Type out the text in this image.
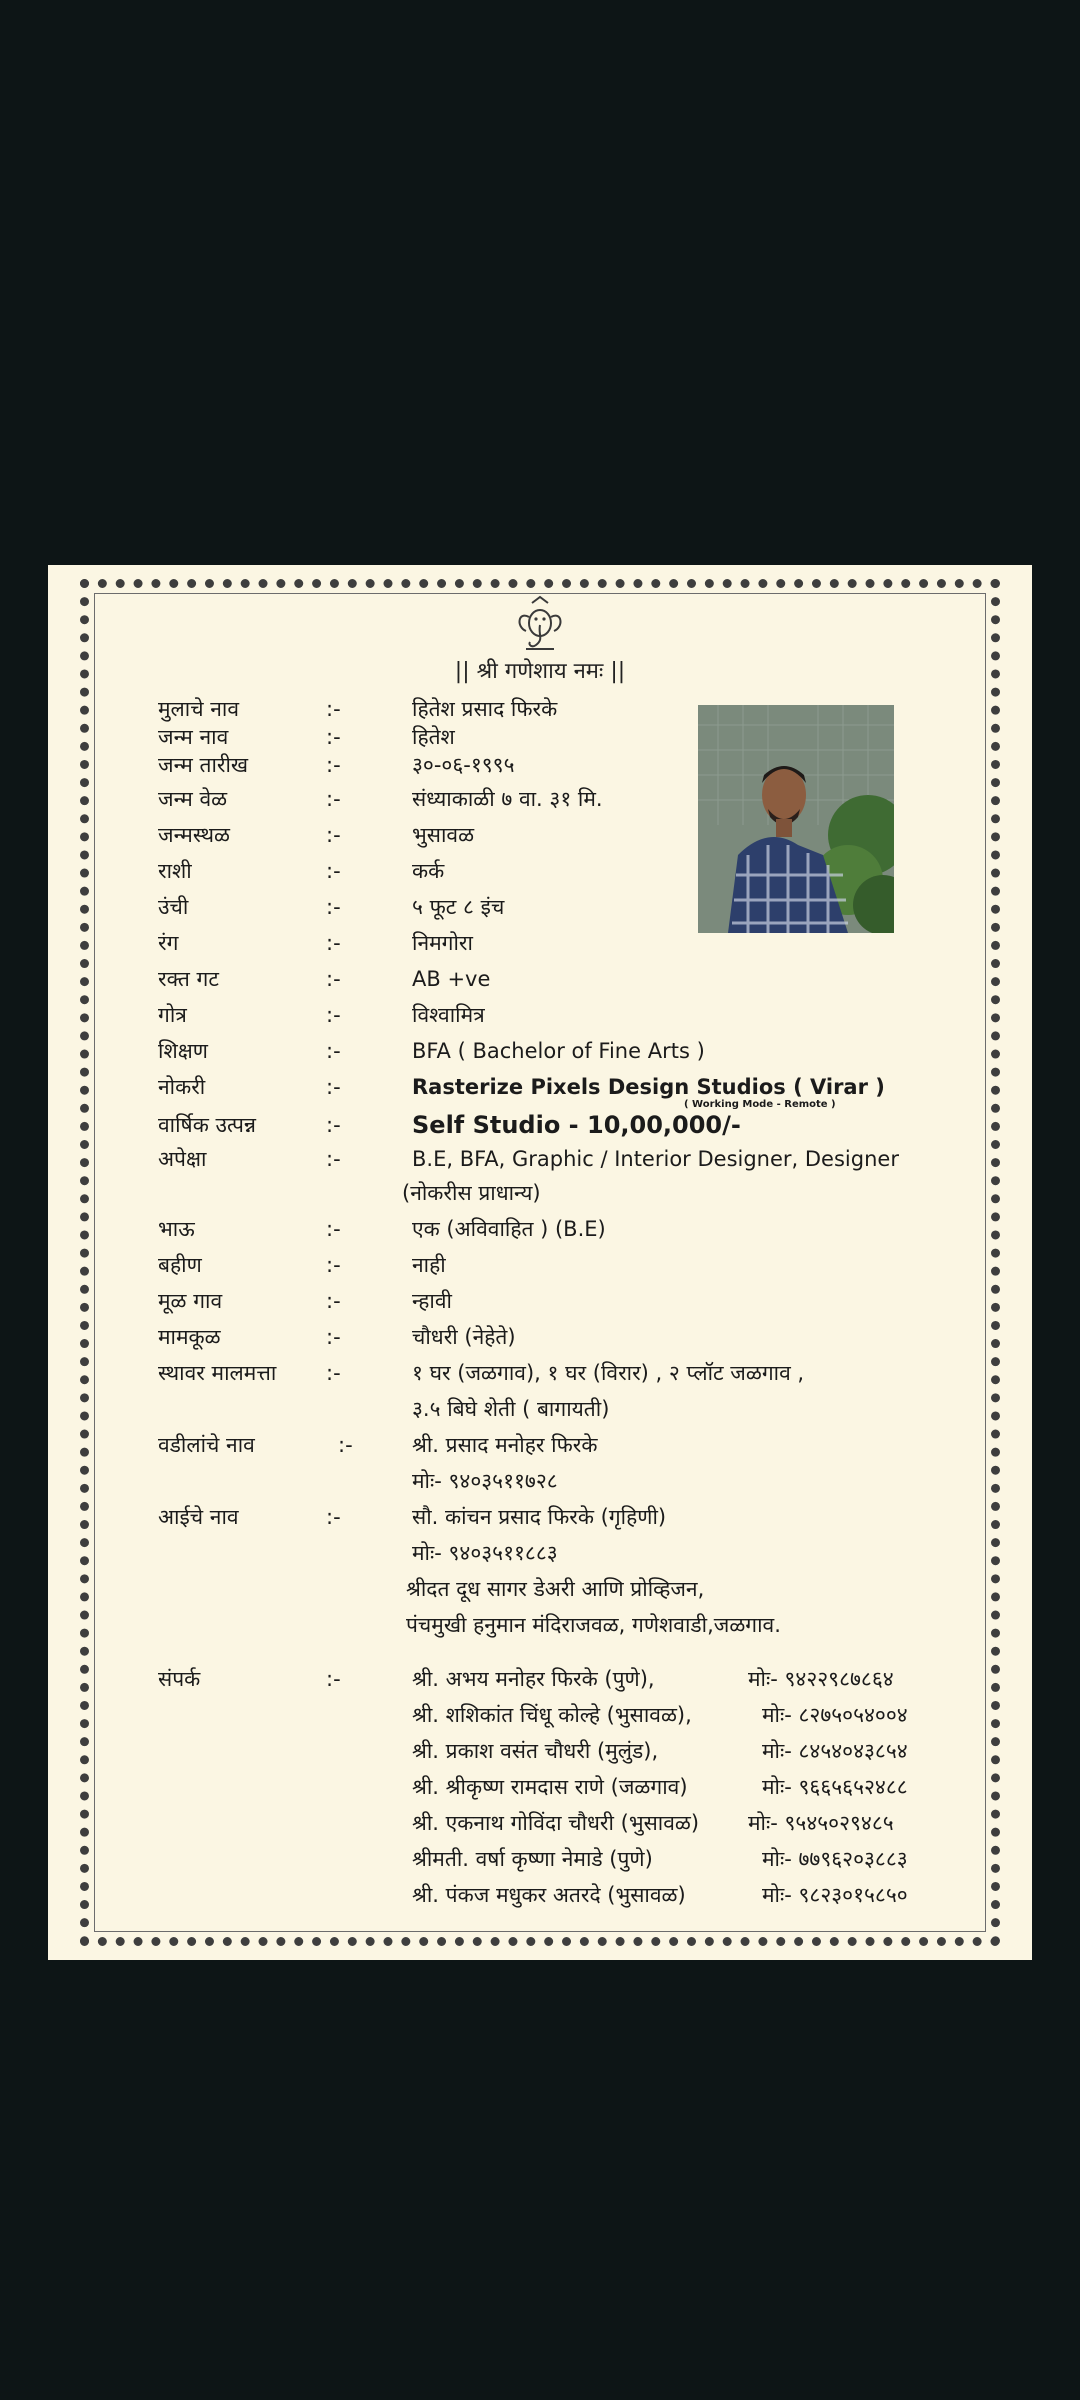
|| श्री गणेशाय नमः ||
मुलाचे नाव	:-	हितेश प्रसाद फिरके
जन्म नाव	:-	हितेश
जन्म तारीख	:-	३०-०६-१९९५
जन्म वेळ	:-	संध्याकाळी ७ वा. ३१ मि.
जन्मस्थळ	:-	भुसावळ
राशी	:-	कर्क
उंची	:-	५ फूट ८ इंच
रंग	:-	निमगोरा
रक्त गट	:-	AB +ve
गोत्र	:-	विश्वामित्र
शिक्षण	:-	BFA ( Bachelor of Fine Arts )
नोकरी	:-	Rasterize Pixels Design Studios ( Virar )
( Working Mode - Remote )
वार्षिक उत्पन्न	:-	Self Studio - 10,00,000/-
अपेक्षा	:-	B.E, BFA, Graphic / Interior Designer, Designer
(नोकरीस प्राधान्य)
भाऊ	:-	एक (अविवाहित ) (B.E)
बहीण	:-	नाही
मूळ गाव	:-	न्हावी
मामकूळ	:-	चौधरी (नेहेते)
स्थावर मालमत्ता :-	१ घर (जळगाव), १ घर (विरार) , २ प्लॉट जळगाव ,
३.५ बिघे शेती ( बागायती)
वडीलांचे नाव	:-	श्री. प्रसाद मनोहर फिरके
मोः- ९४०३५११७२८
आईचे नाव	:-	सौ. कांचन प्रसाद फिरके (गृहिणी)
मोः- ९४०३५११८८३
श्रीदत दूध सागर डेअरी आणि प्रोव्हिजन,
पंचमुखी हनुमान मंदिराजवळ, गणेशवाडी,जळगाव.
संपर्क	:-	श्री. अभय मनोहर फिरके (पुणे),	मोः- ९४२२९८७८६४
श्री. शशिकांत चिंधू कोल्हे (भुसावळ),	मोः- ८२७५०५४००४
श्री. प्रकाश वसंत चौधरी (मुलुंड),	मोः- ८४५४०४३८५४
श्री. श्रीकृष्ण रामदास राणे (जळगाव)	मोः- ९६६५६५२४८८
श्री. एकनाथ गोविंदा चौधरी (भुसावळ) मोः- ९५४५०२९४८५
श्रीमती. वर्षा कृष्णा नेमाडे (पुणे)	मोः- ७७९६२०३८८३
श्री. पंकज मधुकर अतरदे (भुसावळ)	मोः- ९८२३०१५८५०
